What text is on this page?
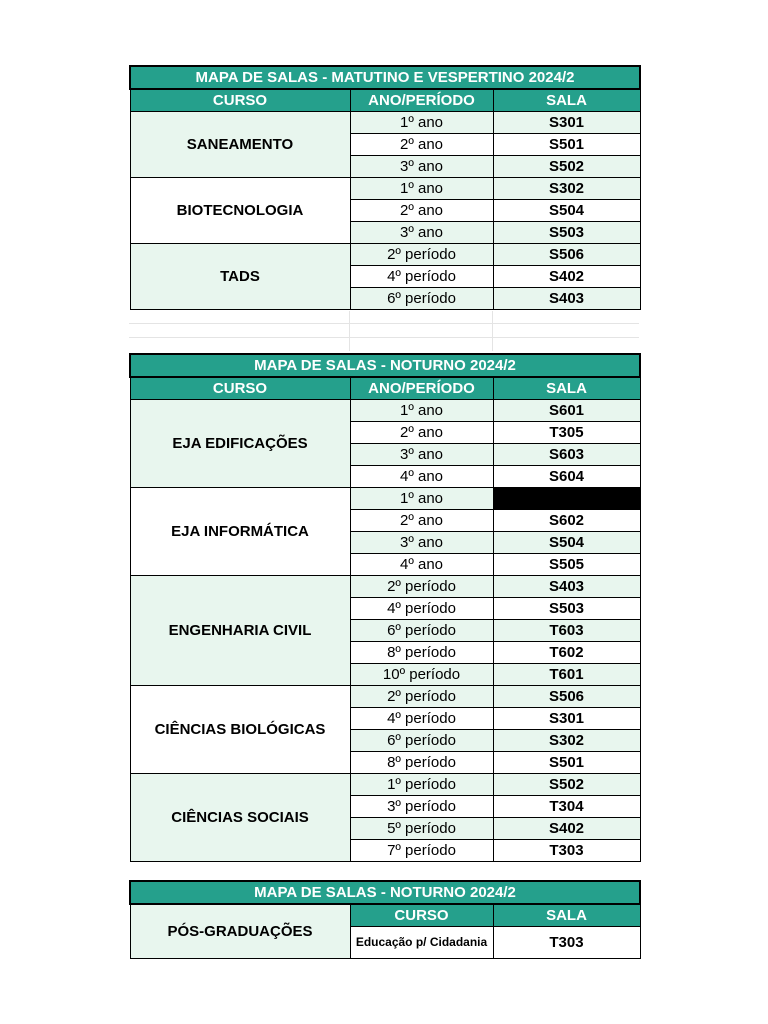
MAPA DE SALAS - MATUTINO E VESPERTINO 2024/2		
CURSO	ANO/PERÍODO	SALA
SANEAMENTO	1º ano	S301
	2º ano	S501
	3º ano	S502
BIOTECNOLOGIA	1º ano	S302
	2º ano	S504
	3º ano	S503
TADS	2º período	S506
	4º período	S402
	6º período	S403
MAPA DE SALAS - NOTURNO 2024/2		
CURSO	ANO/PERÍODO	SALA
EJA EDIFICAÇÕES	1º ano	S601
	2º ano	T305
	3º ano	S603
	4º ano	S604
EJA INFORMÁTICA	1º ano	
	2º ano	S602
	3º ano	S504
	4º ano	S505
ENGENHARIA CIVIL	2º período	S403
	4º período	S503
	6º período	T603
	8º período	T602
	10º período	T601
CIÊNCIAS BIOLÓGICAS	2º período	S506
	4º período	S301
	6º período	S302
	8º período	S501
CIÊNCIAS SOCIAIS	1º período	S502
	3º período	T304
	5º período	S402
	7º período	T303
MAPA DE SALAS - NOTURNO 2024/2		
PÓS-GRADUAÇÕES	CURSO	SALA
	Educação p/ Cidadania	T303
